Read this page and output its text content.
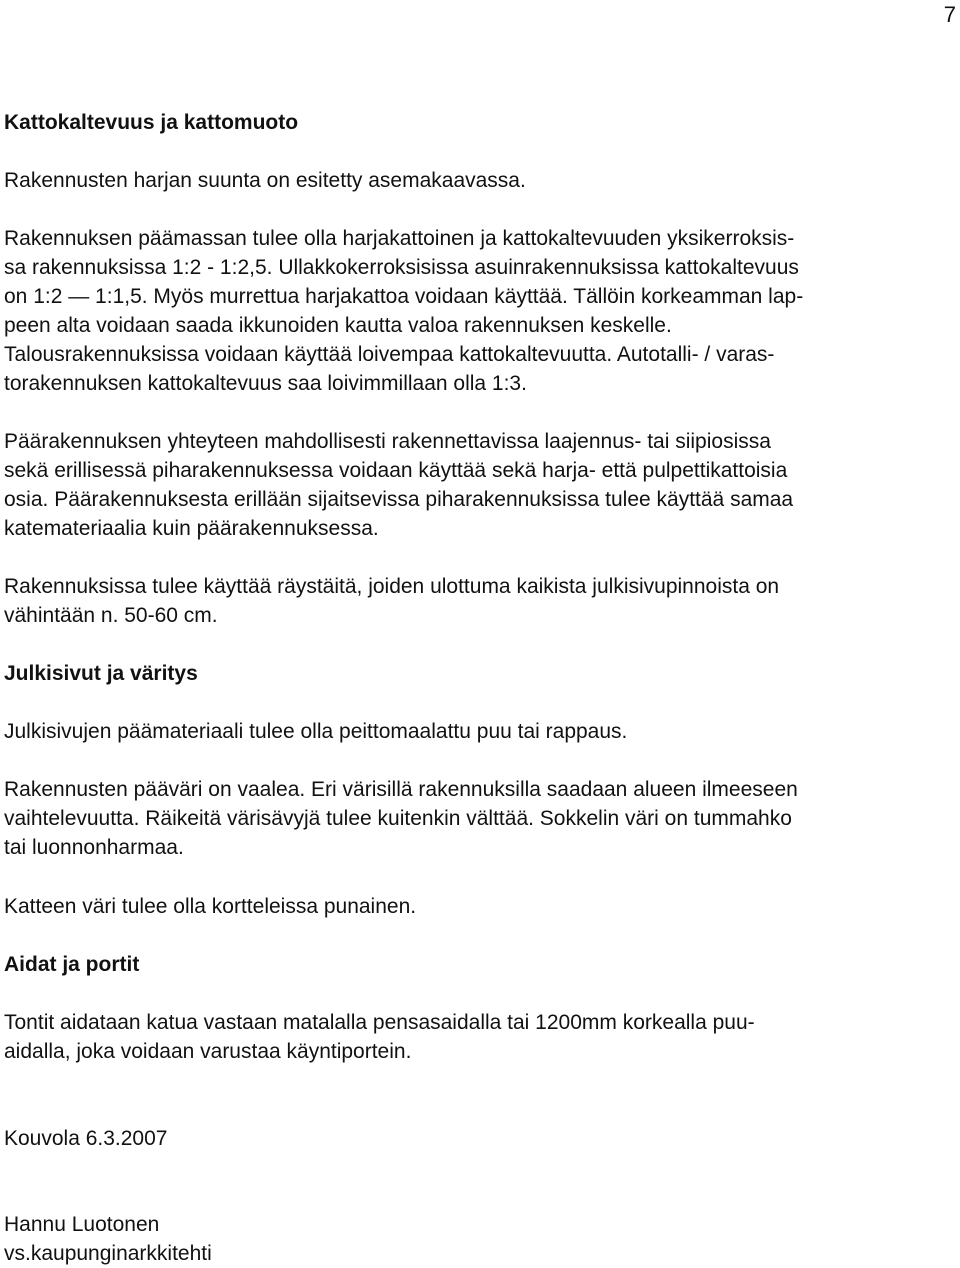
7
Kattokaltevuus ja kattomuoto
Rakennusten harjan suunta on esitetty asemakaavassa.
Rakennuksen päämassan tulee olla harjakattoinen ja kattokaltevuuden yksikerroksis-
sa rakennuksissa 1:2 - 1:2,5. Ullakkokerroksisissa asuinrakennuksissa kattokaltevuus
on 1:2 — 1:1,5. Myös murrettua harjakattoa voidaan käyttää. Tällöin korkeamman lap-
peen alta voidaan saada ikkunoiden kautta valoa rakennuksen keskelle.
Talousrakennuksissa voidaan käyttää loivempaa kattokaltevuutta. Autotalli- / varas-
torakennuksen kattokaltevuus saa loivimmillaan olla 1:3.
Päärakennuksen yhteyteen mahdollisesti rakennettavissa laajennus- tai siipiosissa
sekä erillisessä piharakennuksessa voidaan käyttää sekä harja- että pulpettikattoisia
osia. Päärakennuksesta erillään sijaitsevissa piharakennuksissa tulee käyttää samaa
katemateriaalia kuin päärakennuksessa.
Rakennuksissa tulee käyttää räystäitä, joiden ulottuma kaikista julkisivupinnoista on
vähintään n. 50-60 cm.
Julkisivut ja väritys
Julkisivujen päämateriaali tulee olla peittomaalattu puu tai rappaus.
Rakennusten pääväri on vaalea. Eri värisillä rakennuksilla saadaan alueen ilmeeseen
vaihtelevuutta. Räikeitä värisävyjä tulee kuitenkin välttää. Sokkelin väri on tummahko
tai luonnonharmaa.
Katteen väri tulee olla kortteleissa punainen.
Aidat ja portit
Tontit aidataan katua vastaan matalalla pensasaidalla tai 1200mm korkealla puu-
aidalla, joka voidaan varustaa käyntiportein.
Kouvola 6.3.2007
Hannu Luotonen
vs.kaupunginarkkitehti
